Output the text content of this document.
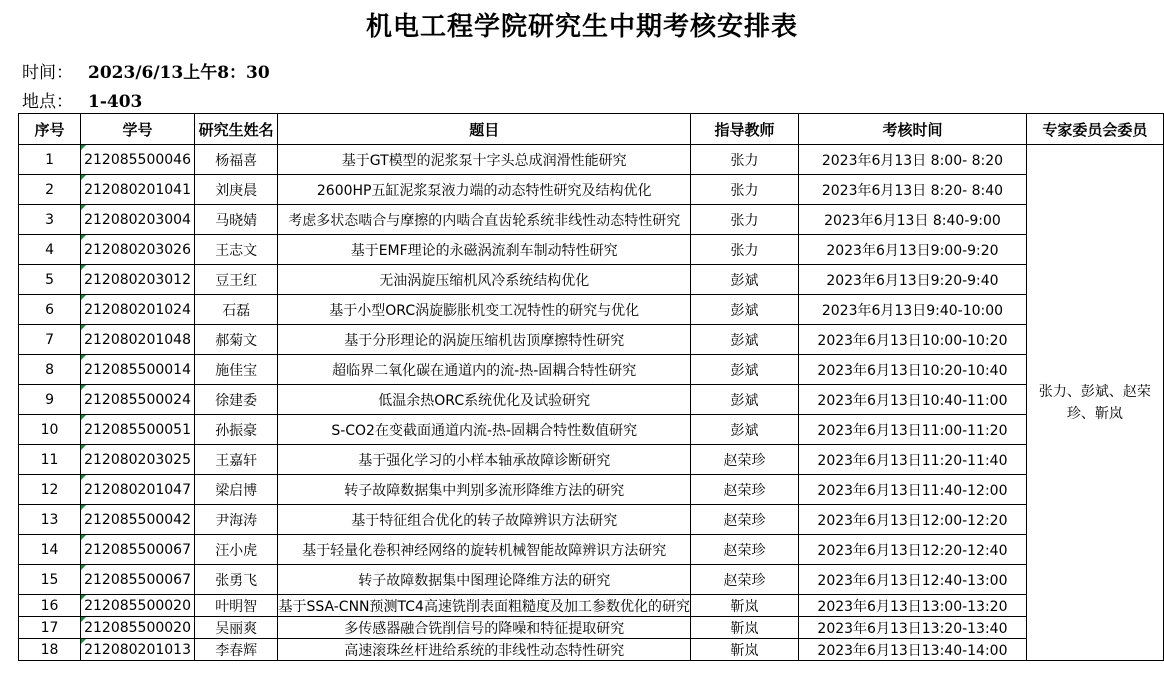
机电工程学院研究生中期考核安排表
时间： 2023/6/13上午8：30
地点： 1-403
序号	学号	研究生姓名	题目	指导教师	考核时间	专家委员会委员
1	212085500046	杨福喜	基于GT模型的泥浆泵十字头总成润滑性能研究	张力	2023年6月13日 8:00- 8:20	张力、彭斌、赵荣珍、靳岚
2	212080201041	刘庚晨	2600HP五缸泥浆泵液力端的动态特性研究及结构优化	张力	2023年6月13日 8:20- 8:40	
3	212080203004	马晓婧	考虑多状态啮合与摩擦的内啮合直齿轮系统非线性动态特性研究	张力	2023年6月13日 8:40-9:00	
4	212080203026	王志文	基于EMF理论的永磁涡流刹车制动特性研究	张力	2023年6月13日9:00-9:20	
5	212080203012	豆王红	无油涡旋压缩机风冷系统结构优化	彭斌	2023年6月13日9:20-9:40	
6	212080201024	石磊	基于小型ORC涡旋膨胀机变工况特性的研究与优化	彭斌	2023年6月13日9:40-10:00	
7	212080201048	郝菊文	基于分形理论的涡旋压缩机齿顶摩擦特性研究	彭斌	2023年6月13日10:00-10:20	
8	212085500014	施佳宝	超临界二氧化碳在通道内的流-热-固耦合特性研究	彭斌	2023年6月13日10:20-10:40	
9	212085500024	徐建委	低温余热ORC系统优化及试验研究	彭斌	2023年6月13日10:40-11:00	
10	212085500051	孙振豪	S-CO2在变截面通道内流-热-固耦合特性数值研究	彭斌	2023年6月13日11:00-11:20	
11	212080203025	王嘉轩	基于强化学习的小样本轴承故障诊断研究	赵荣珍	2023年6月13日11:20-11:40	
12	212080201047	梁启博	转子故障数据集中判别多流形降维方法的研究	赵荣珍	2023年6月13日11:40-12:00	
13	212085500042	尹海涛	基于特征组合优化的转子故障辨识方法研究	赵荣珍	2023年6月13日12:00-12:20	
14	212085500067	汪小虎	基于轻量化卷积神经网络的旋转机械智能故障辨识方法研究	赵荣珍	2023年6月13日12:20-12:40	
15	212085500067	张勇飞	转子故障数据集中图理论降维方法的研究	赵荣珍	2023年6月13日12:40-13:00	
16	212085500020	叶明智	基于SSA-CNN预测TC4高速铣削表面粗糙度及加工参数优化的研究	靳岚	2023年6月13日13:00-13:20	
17	212085500020	吴丽爽	多传感器融合铣削信号的降噪和特征提取研究	靳岚	2023年6月13日13:20-13:40	
18	212080201013	李春辉	高速滚珠丝杆进给系统的非线性动态特性研究	靳岚	2023年6月13日13:40-14:00	
